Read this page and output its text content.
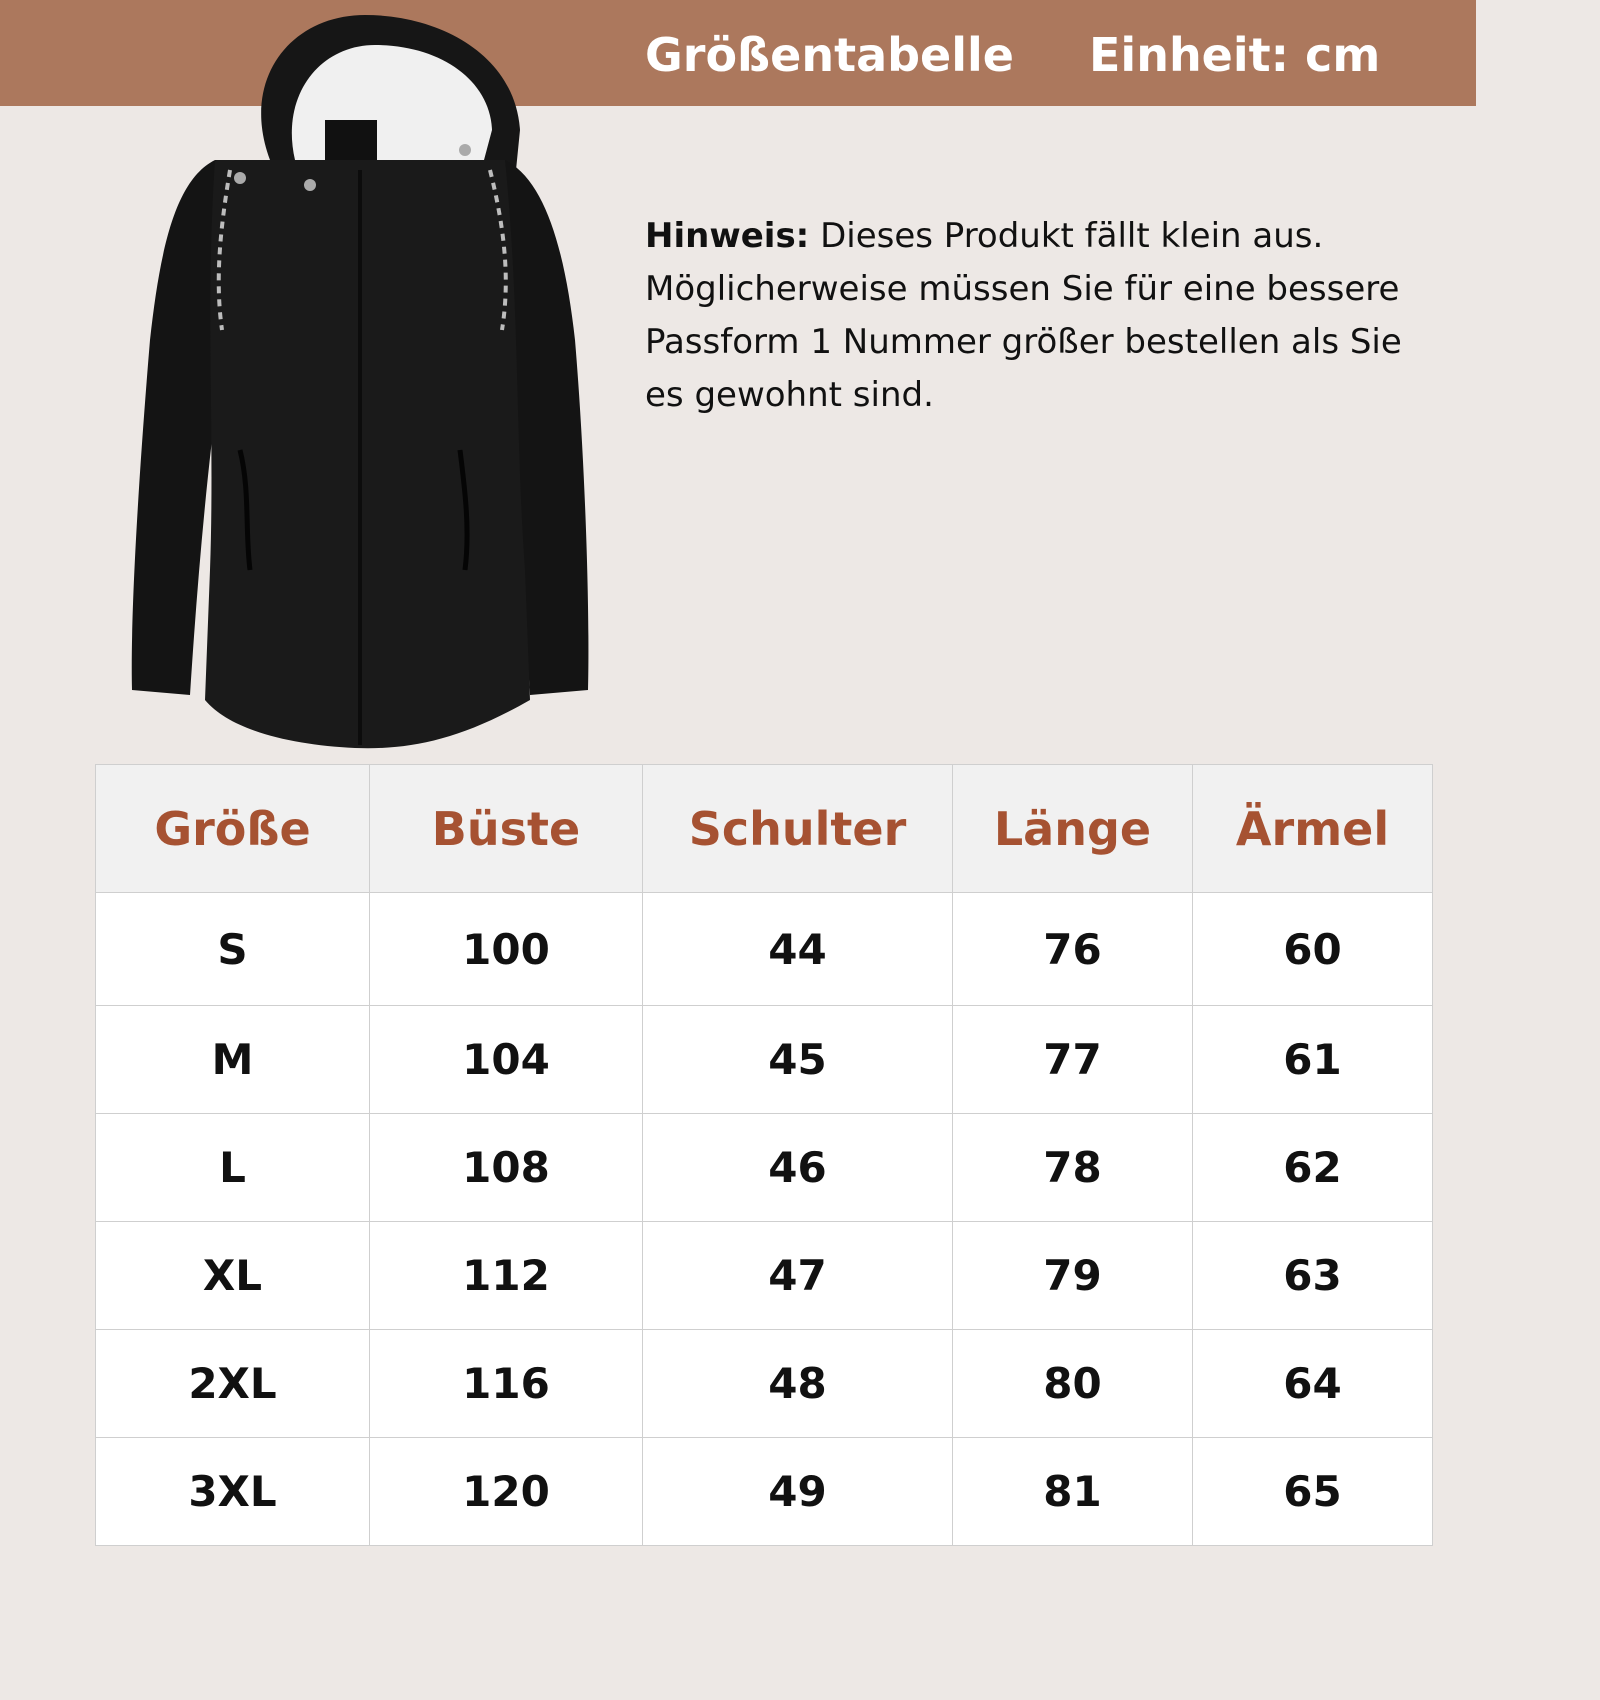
Größentabelle Einheit: cm
Hinweis: Dieses Produkt fällt klein aus. Möglicherweise müssen Sie für eine bessere Passform 1 Nummer größer bestellen als Sie es gewohnt sind.
Größe	Büste	Schulter	Länge	Ärmel
S	100	44	76	60
M	104	45	77	61
L	108	46	78	62
XL	112	47	79	63
2XL	116	48	80	64
3XL	120	49	81	65
